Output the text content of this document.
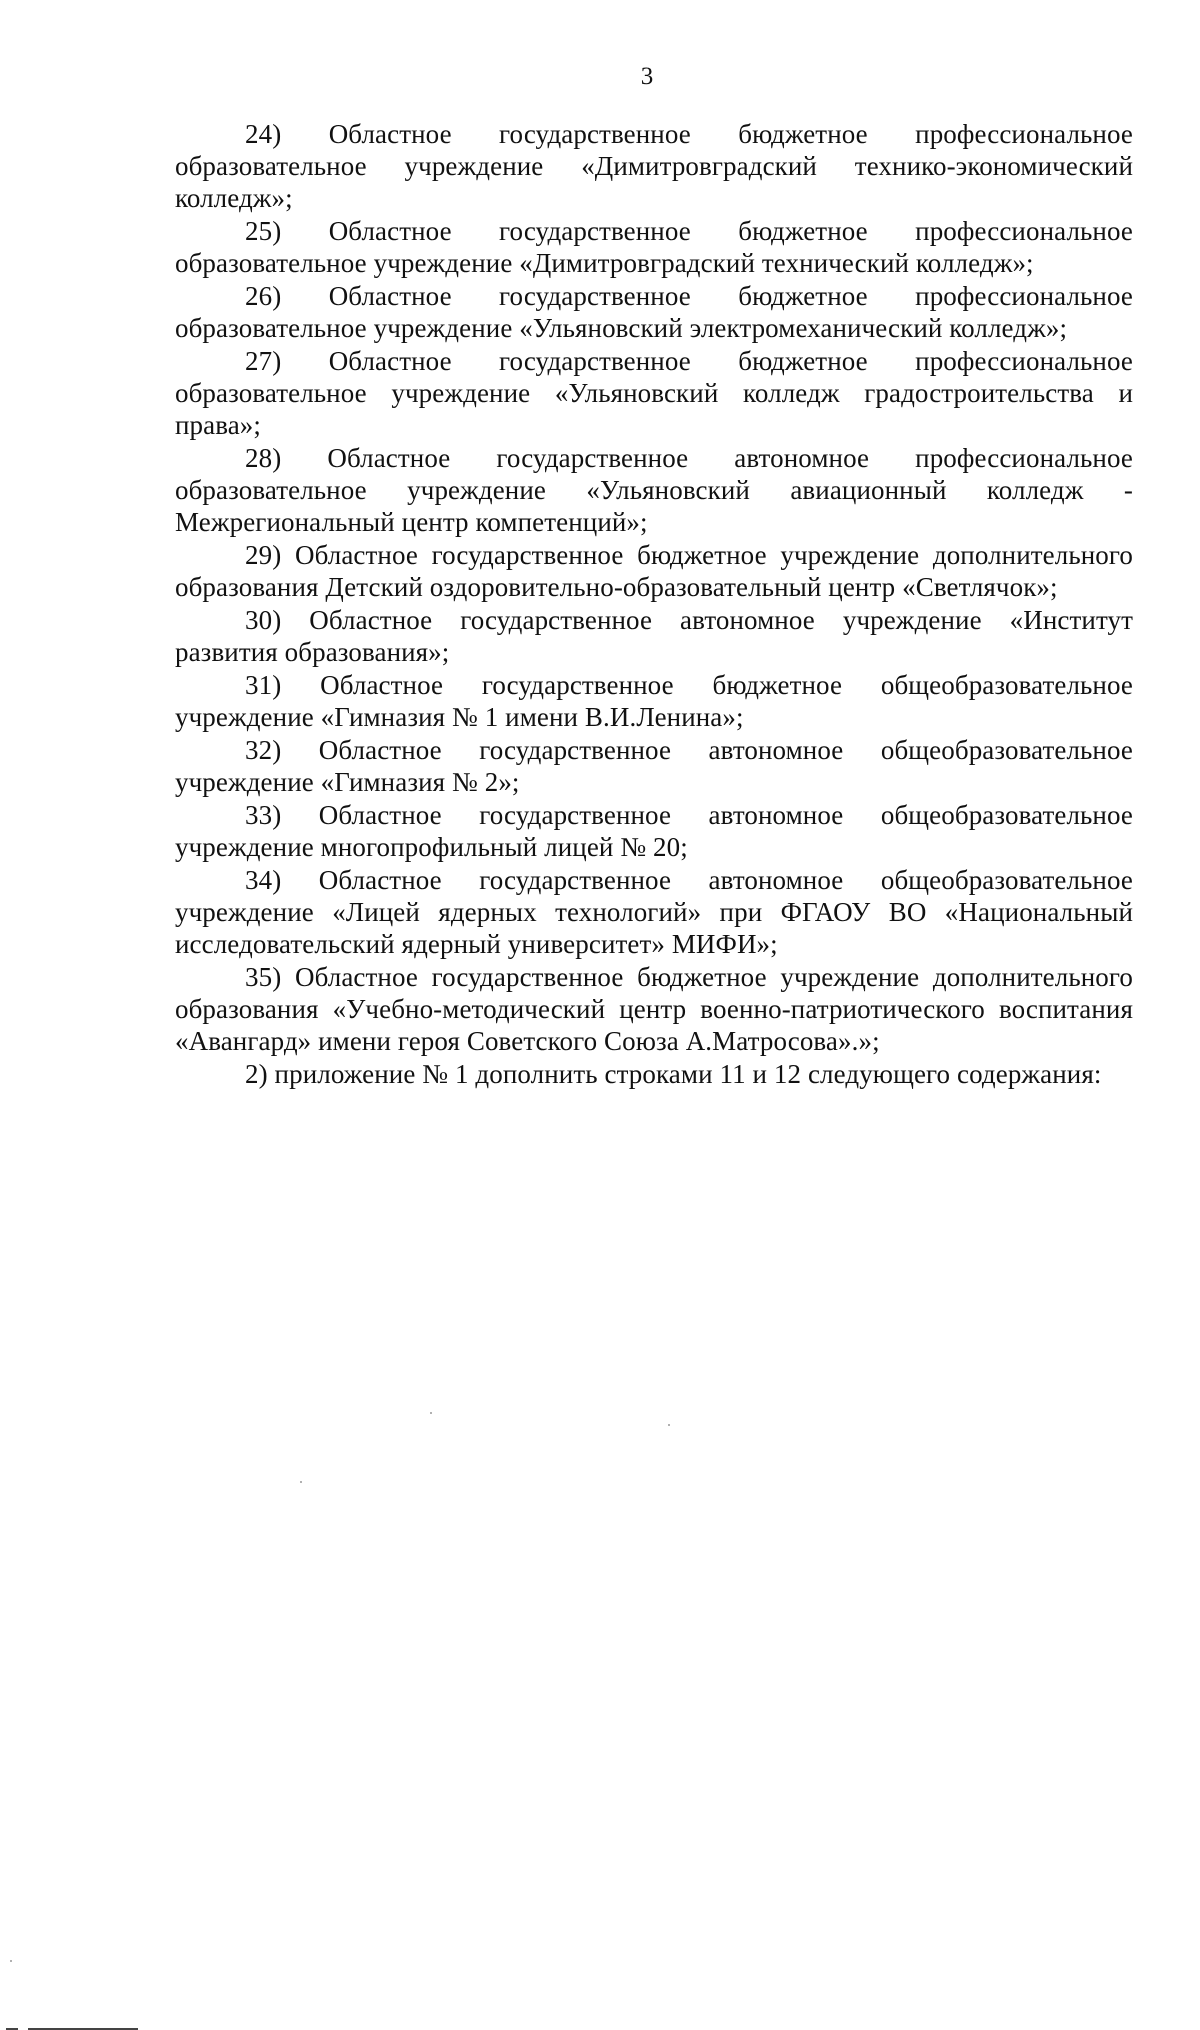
3

24) Областное государственное бюджетное профессиональное образовательное учреждение «Димитровградский технико-экономический колледж»;

25) Областное государственное бюджетное профессиональное образовательное учреждение «Димитровградский технический колледж»;

26) Областное государственное бюджетное профессиональное образовательное учреждение «Ульяновский электромеханический колледж»;

27) Областное государственное бюджетное профессиональное образовательное учреждение «Ульяновский колледж градостроительства и права»;

28) Областное государственное автономное профессиональное образовательное учреждение «Ульяновский авиационный колледж - Межрегиональный центр компетенций»;

29) Областное государственное бюджетное учреждение дополнительного образования Детский оздоровительно-образовательный центр «Светлячок»;

30) Областное государственное автономное учреждение «Институт развития образования»;

31) Областное государственное бюджетное общеобразовательное учреждение «Гимназия № 1 имени В.И.Ленина»;

32) Областное государственное автономное общеобразовательное учреждение «Гимназия № 2»;

33) Областное государственное автономное общеобразовательное учреждение многопрофильный лицей № 20;

34) Областное государственное автономное общеобразовательное учреждение «Лицей ядерных технологий» при ФГАОУ ВО «Национальный исследовательский ядерный университет» МИФИ»;

35) Областное государственное бюджетное учреждение дополнительного образования «Учебно-методический центр военно-патриотического воспитания «Авангард» имени героя Советского Союза А.Матросова».»;

2) приложение № 1 дополнить строками 11 и 12 следующего содержания:
